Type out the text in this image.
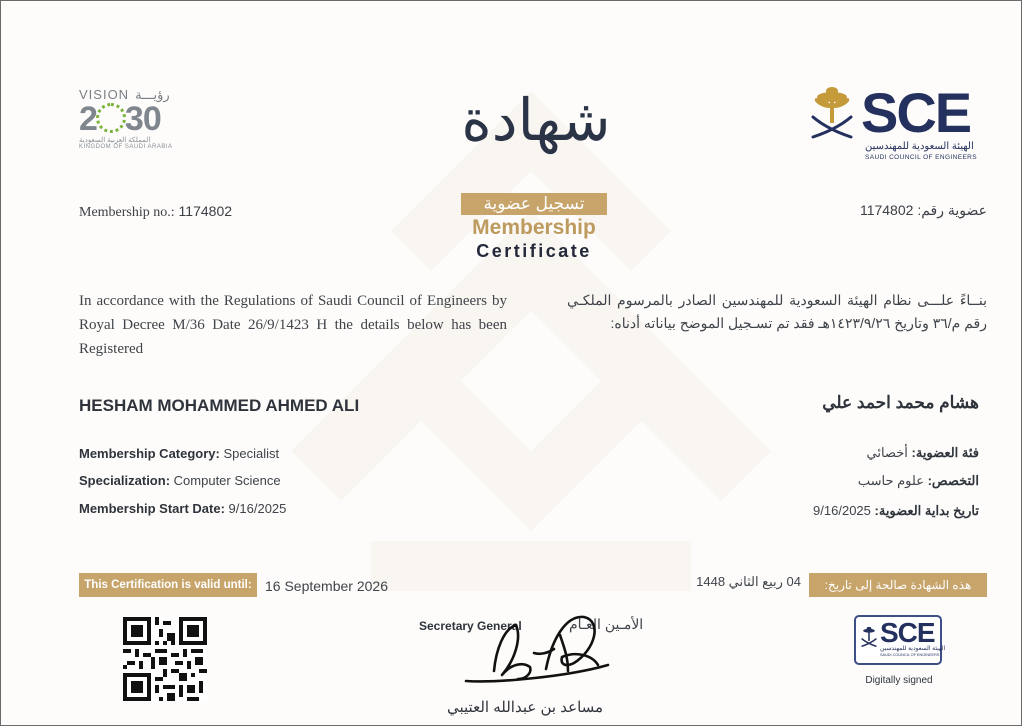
VISION رؤيـــة
2 30
المملكة العربية السعودية
KINGDOM OF SAUDI ARABIA
SCE
الهيئة السعودية للمهندسين
SAUDI COUNCIL OF ENGINEERS
شهادة
تسجيل عضوية
Membership
Certificate
Membership no.: 1174802	1174802 عضوية رقم:
In accordance with the Regulations of Saudi Council of Engineers by Royal Decree M/36 Date 26/9/1423 H the details below has been Registered
بنــاءً علـــى نظام الهيئة السعودية للمهندسين الصادر بالمرسوم الملكـي رقم م/٣٦ وتاريخ ١٤٢٣/٩/٢٦هـ فقد تم تسـجيل الموضح بياناته أدناه:
HESHAM MOHAMMED AHMED ALI	هشام محمد احمد علي
Membership Category: Specialist
Specialization: Computer Science
Membership Start Date: 9/16/2025
فئة العضوية: أخصائي
التخصص: علوم حاسب
تاريخ بداية العضوية: 9/16/2025
This Certification is valid until: 16 September 2026	هذه الشهادة صالحة إلى تاريخ:
04 ربيع الثاني 1448
Secretary General	الأمـين العـام
مساعد بن عبدالله العتيبي
SCE
الهيئة السعودية للمهندسين
SAUDI COUNCIL OF ENGINEERS
Digitally signed
